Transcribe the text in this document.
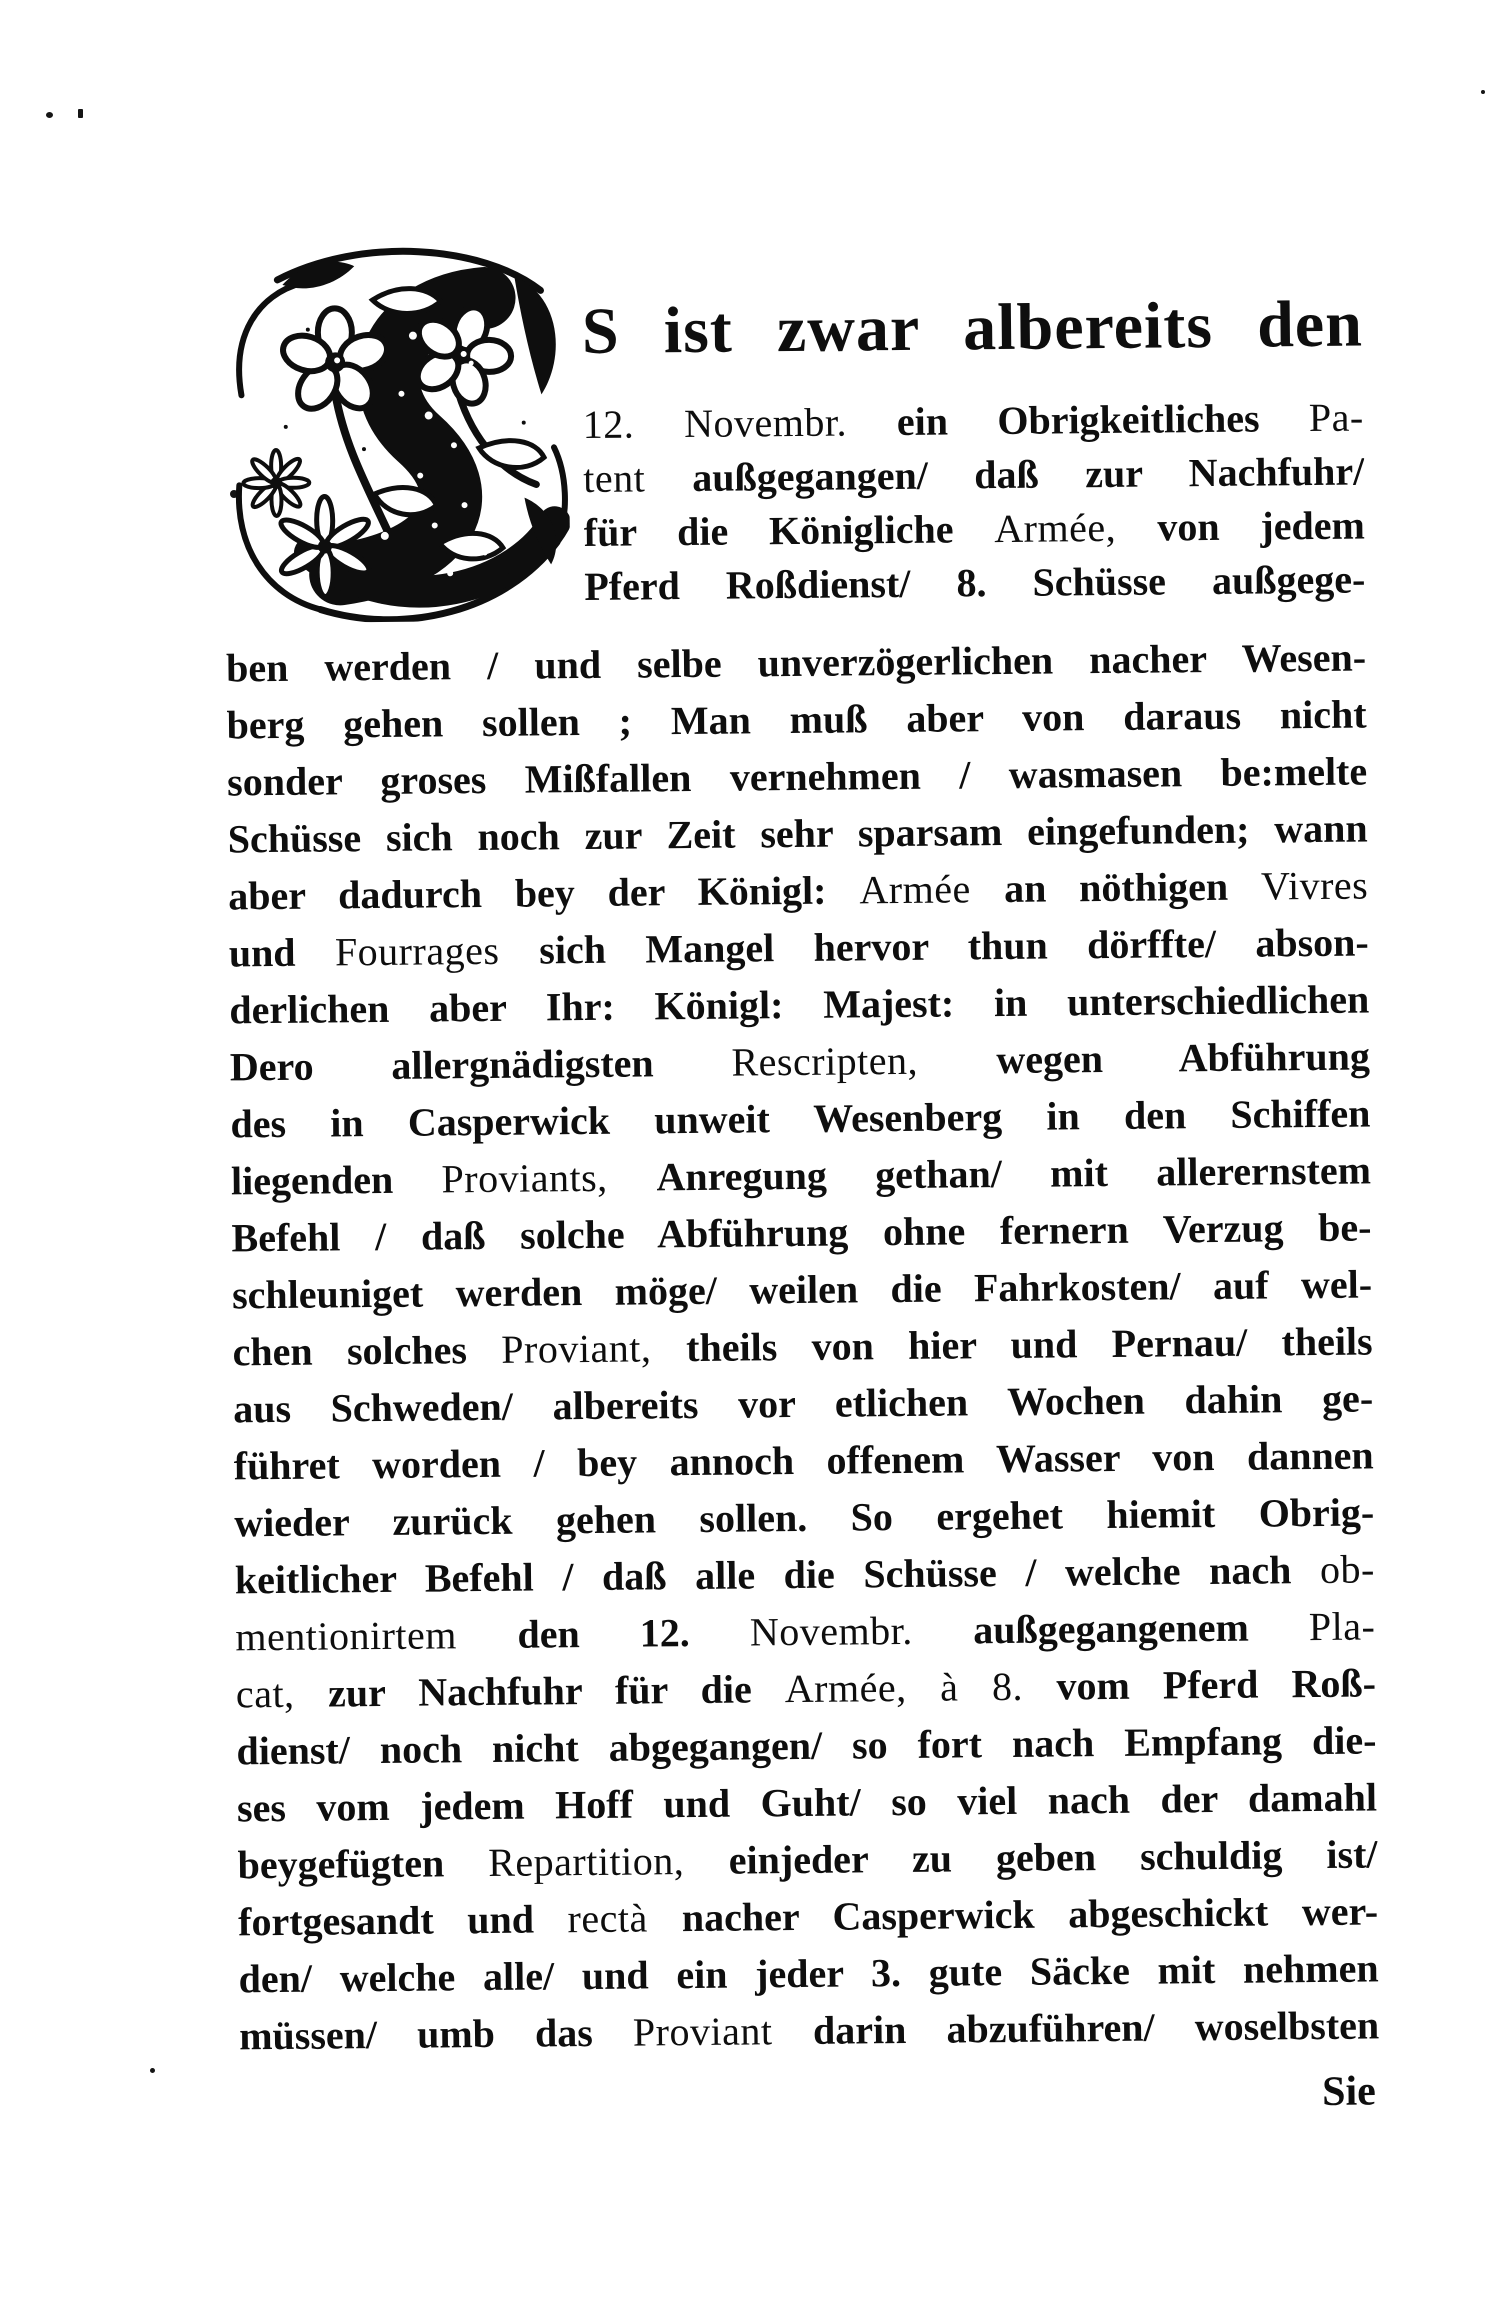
S ist zwar albereits den
12. Novembr. ein Obrigkeitliches Pa-
tent außgegangen/ daß zur Nachfuhr/
für die Königliche Armée, von jedem
Pferd Roßdienst/ 8. Schüsse außgege-
ben werden / und selbe unverzögerlichen nacher Wesen-
berg gehen sollen ; Man muß aber von daraus nicht
sonder groses Mißfallen vernehmen / wasmasen be:melte
Schüsse sich noch zur Zeit sehr sparsam eingefunden; wann
aber dadurch bey der Königl: Armée an nöthigen Vivres
und Fourrages sich Mangel hervor thun dörffte/ abson-
derlichen aber Ihr: Königl: Majest: in unterschiedlichen
Dero allergnädigsten Rescripten, wegen Abführung
des in Casperwick unweit Wesenberg in den Schiffen
liegenden Proviants, Anregung gethan/ mit allerernstem
Befehl / daß solche Abführung ohne fernern Verzug be-
schleuniget werden möge/ weilen die Fahrkosten/ auf wel-
chen solches Proviant, theils von hier und Pernau/ theils
aus Schweden/ albereits vor etlichen Wochen dahin ge-
führet worden / bey annoch offenem Wasser von dannen
wieder zurück gehen sollen. So ergehet hiemit Obrig-
keitlicher Befehl / daß alle die Schüsse / welche nach ob-
mentionirtem den 12. Novembr. außgegangenem Pla-
cat, zur Nachfuhr für die Armée, à 8. vom Pferd Roß-
dienst/ noch nicht abgegangen/ so fort nach Empfang die-
ses vom jedem Hoff und Guht/ so viel nach der damahl
beygefügten Repartition, einjeder zu geben schuldig ist/
fortgesandt und rectà nacher Casperwick abgeschickt wer-
den/ welche alle/ und ein jeder 3. gute Säcke mit nehmen
müssen/ umb das Proviant darin abzuführen/ woselbsten
Sie
